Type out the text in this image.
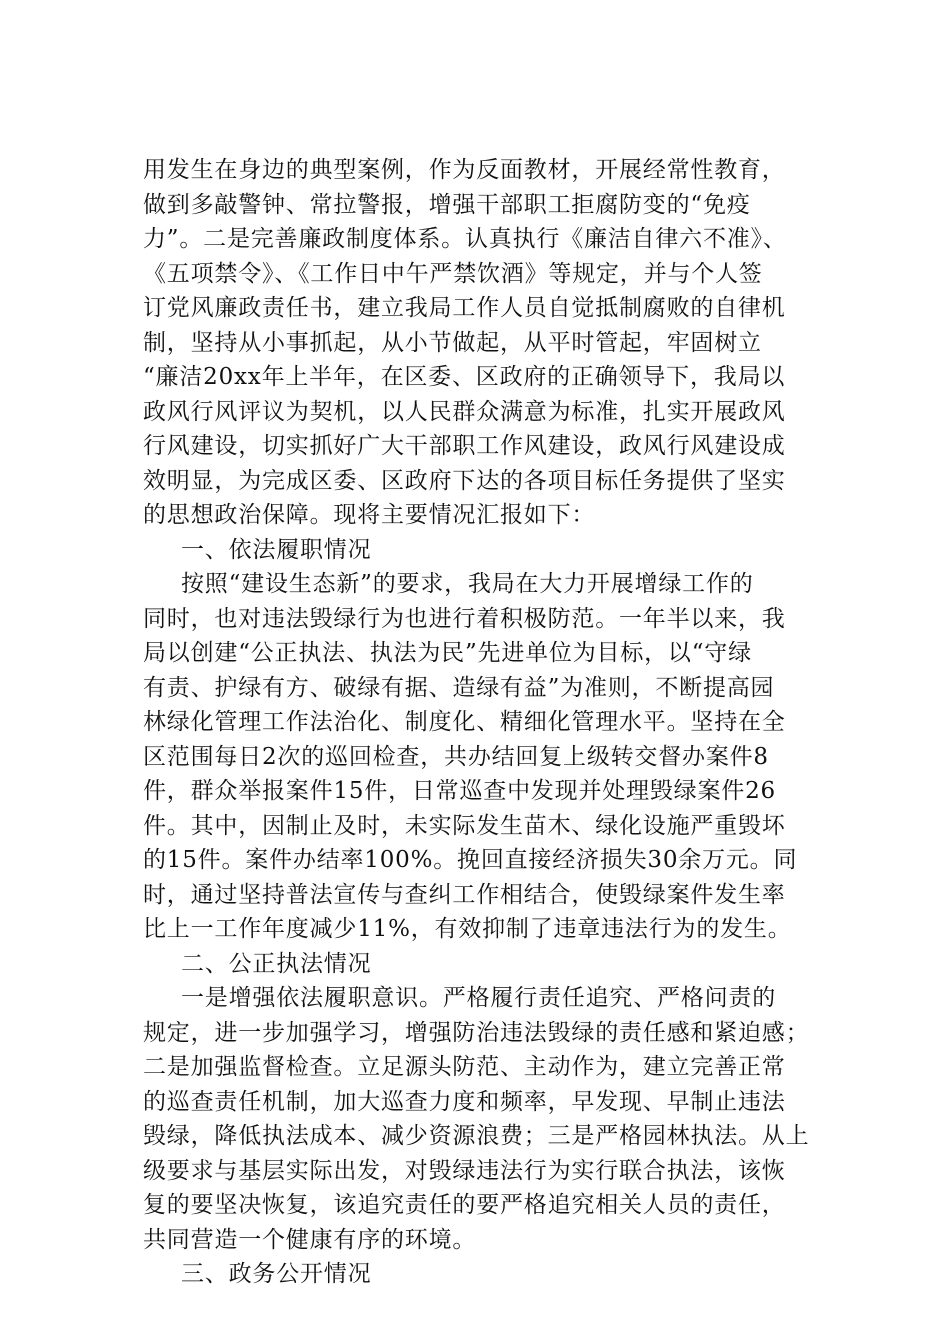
用发生在身边的典型案例，作为反面教材，开展经常性教育，
做到多敲警钟、常拉警报，增强干部职工拒腐防变的“免疫
力”。二是完善廉政制度体系。认真执行《廉洁自律六不准》、
《五项禁令》、《工作日中午严禁饮酒》等规定，并与个人签
订党风廉政责任书，建立我局工作人员自觉抵制腐败的自律机
制，坚持从小事抓起，从小节做起，从平时管起，牢固树立
“廉洁20xx年上半年，在区委、区政府的正确领导下，我局以
政风行风评议为契机，以人民群众满意为标准，扎实开展政风
行风建设，切实抓好广大干部职工作风建设，政风行风建设成
效明显，为完成区委、区政府下达的各项目标任务提供了坚实
的思想政治保障。现将主要情况汇报如下：
一、依法履职情况
按照“建设生态新”的要求，我局在大力开展增绿工作的
同时，也对违法毁绿行为也进行着积极防范。一年半以来，我
局以创建“公正执法、执法为民”先进单位为目标，以“守绿
有责、护绿有方、破绿有据、造绿有益”为准则，不断提高园
林绿化管理工作法治化、制度化、精细化管理水平。坚持在全
区范围每日2次的巡回检查，共办结回复上级转交督办案件8
件，群众举报案件15件，日常巡查中发现并处理毁绿案件26
件。其中，因制止及时，未实际发生苗木、绿化设施严重毁坏
的15件。案件办结率100%。挽回直接经济损失30余万元。同
时，通过坚持普法宣传与查纠工作相结合，使毁绿案件发生率
比上一工作年度减少11%，有效抑制了违章违法行为的发生。
二、公正执法情况
一是增强依法履职意识。严格履行责任追究、严格问责的
规定，进一步加强学习，增强防治违法毁绿的责任感和紧迫感；
二是加强监督检查。立足源头防范、主动作为，建立完善正常
的巡查责任机制，加大巡查力度和频率，早发现、早制止违法
毁绿，降低执法成本、减少资源浪费；三是严格园林执法。从上
级要求与基层实际出发，对毁绿违法行为实行联合执法，该恢
复的要坚决恢复，该追究责任的要严格追究相关人员的责任，
共同营造一个健康有序的环境。
三、政务公开情况
